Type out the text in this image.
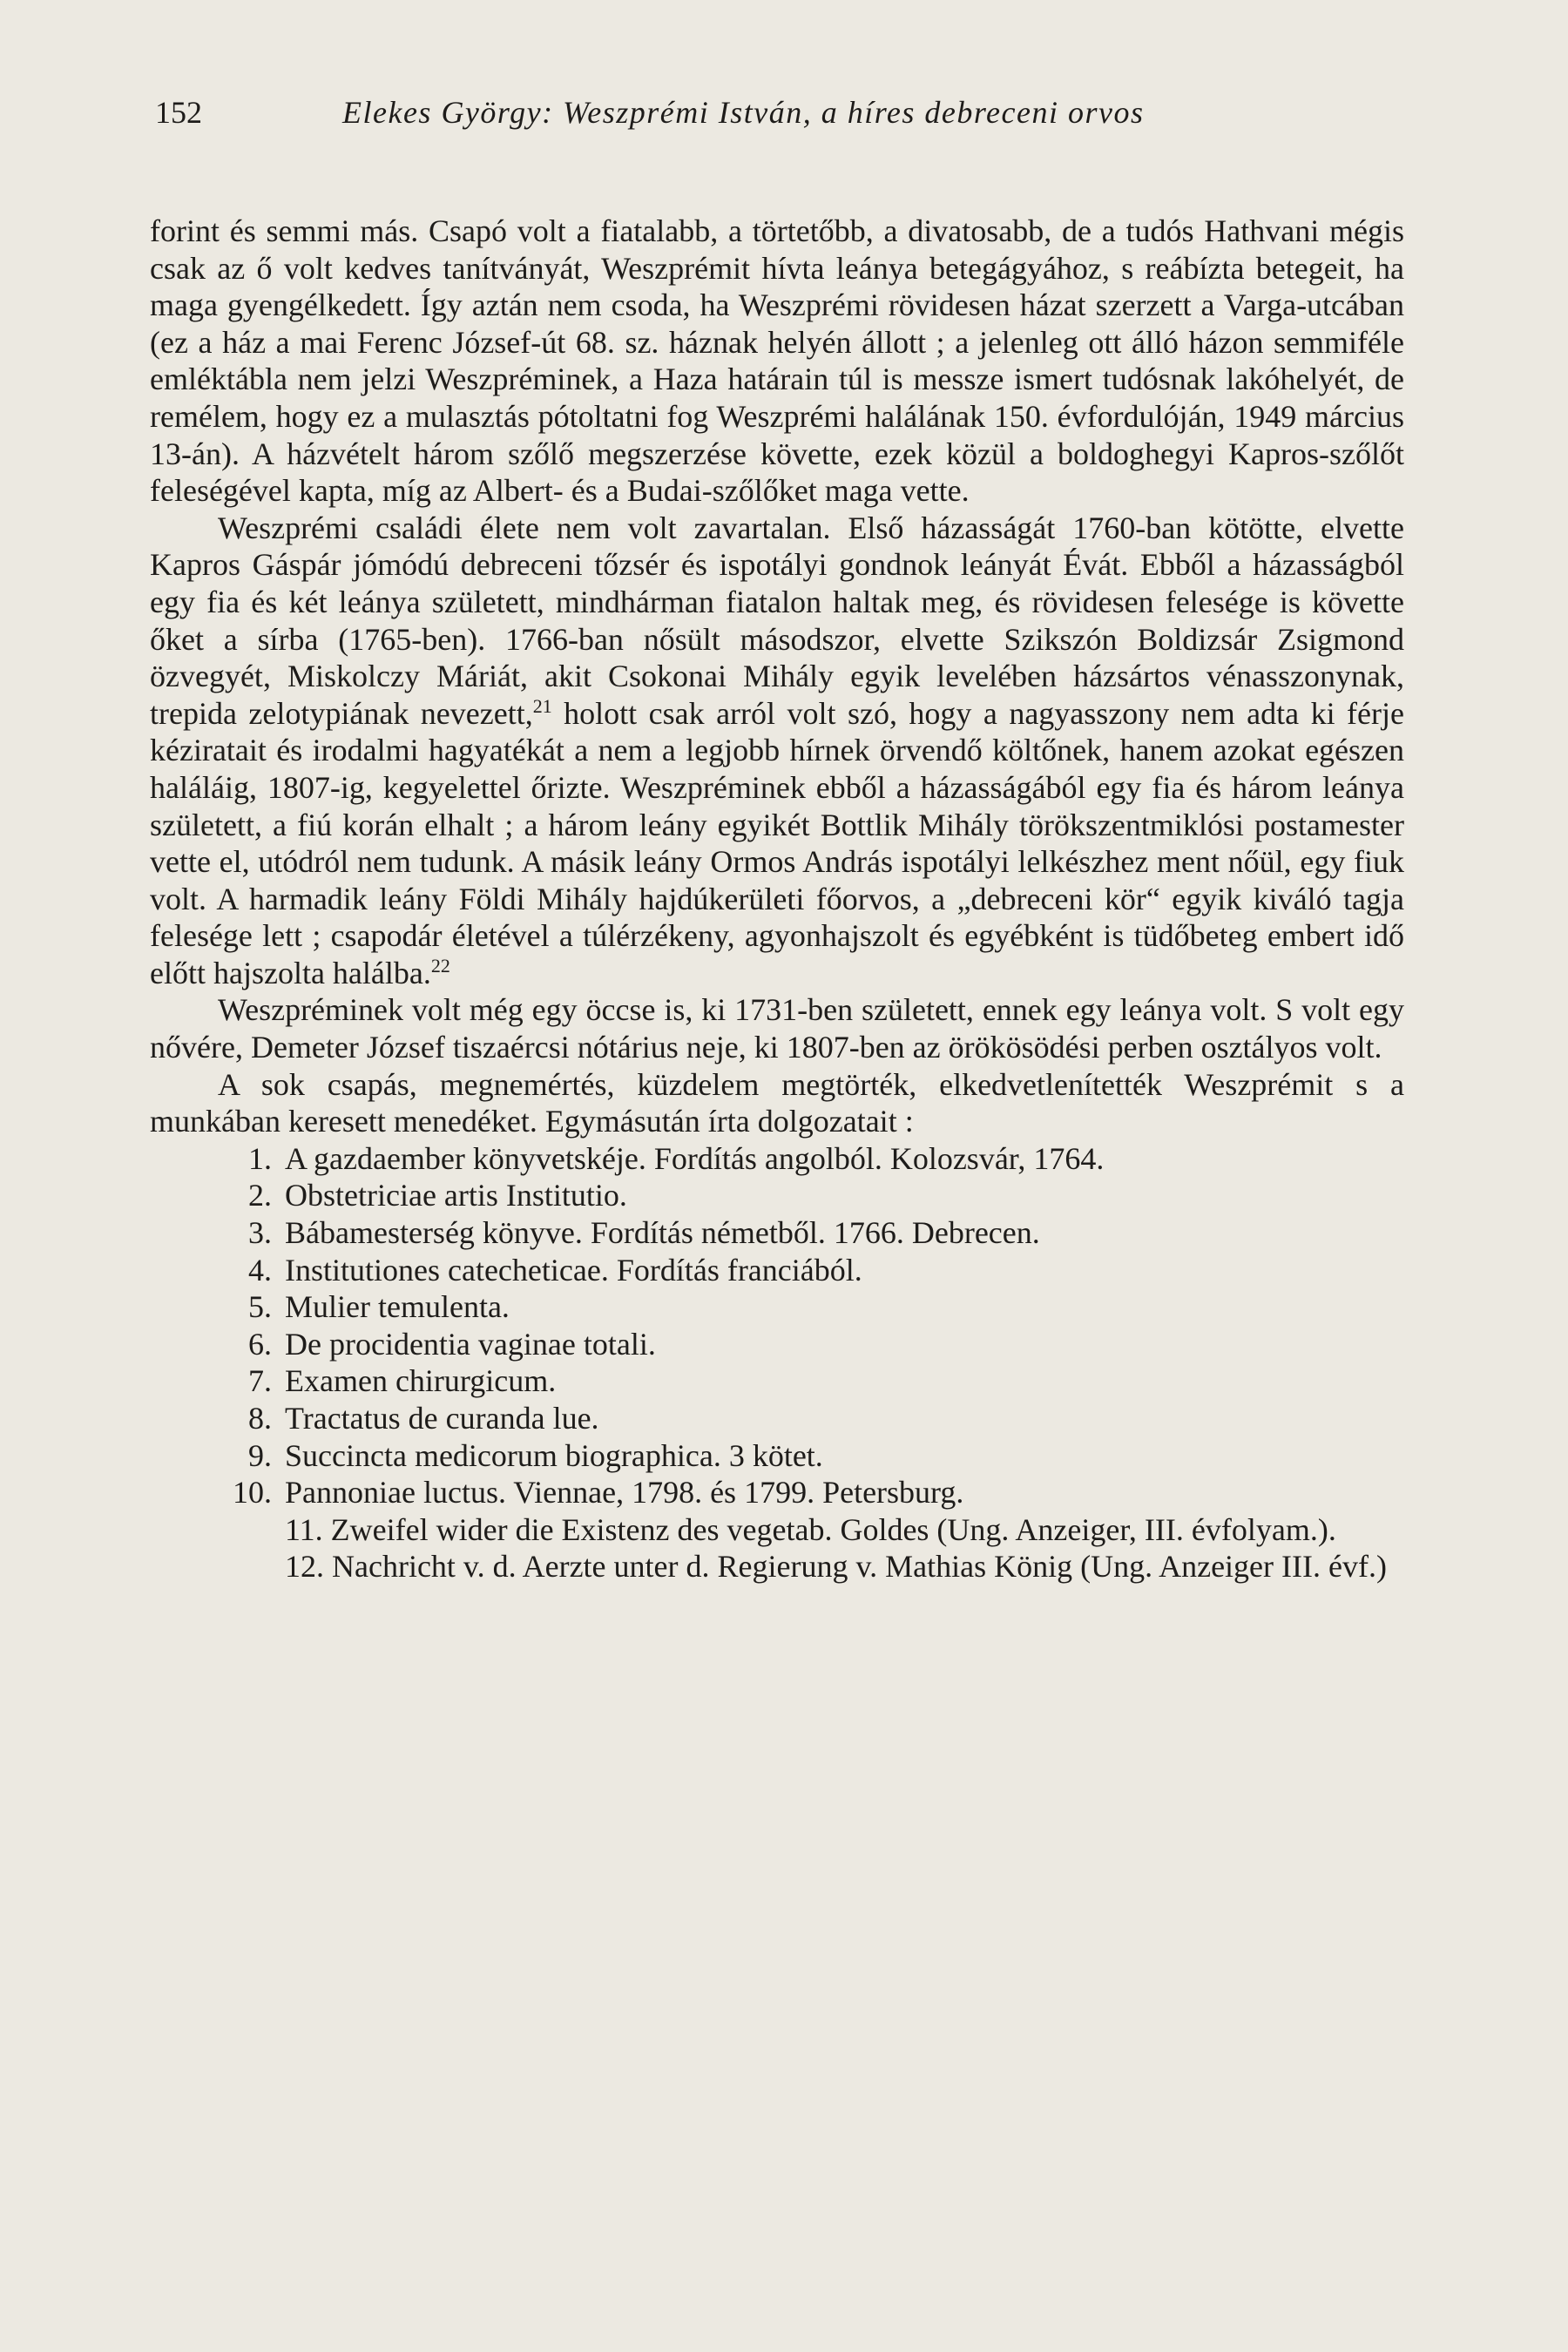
152	Elekes György: Weszprémi István, a híres debreceni orvos

forint és semmi más. Csapó volt a fiatalabb, a törtetőbb, a divatosabb, de a tudós Hathvani mégis csak az ő volt kedves tanítványát, Weszprémit hívta leánya betegágyához, s reábízta betegeit, ha maga gyengélkedett. Így aztán nem csoda, ha Weszprémi rövidesen házat szerzett a Varga-utcában (ez a ház a mai Ferenc József-út 68. sz. háznak helyén állott ; a jelenleg ott álló házon semmiféle emléktábla nem jelzi Weszpréminek, a Haza határain túl is messze ismert tudósnak lakóhelyét, de remélem, hogy ez a mulasztás pótoltatni fog Weszprémi halálának 150. évfordulóján, 1949 március 13-án). A házvételt három szőlő megszerzése követte, ezek közül a boldoghegyi Kapros-szőlőt feleségével kapta, míg az Albert- és a Budai-szőlőket maga vette.

Weszprémi családi élete nem volt zavartalan. Első házasságát 1760-ban kötötte, elvette Kapros Gáspár jómódú debreceni tőzsér és ispotályi gondnok leányát Évát. Ebből a házasságból egy fia és két leánya született, mindhárman fiatalon haltak meg, és rövidesen felesége is követte őket a sírba (1765-ben). 1766-ban nősült másodszor, elvette Szikszón Boldizsár Zsigmond özvegyét, Miskolczy Máriát, akit Csokonai Mihály egyik levelében házsártos vénasszonynak, trepida zelotypiának nevezett,$^{21}$ holott csak arról volt szó, hogy a nagyasszony nem adta ki férje kéziratait és irodalmi hagyatékát a nem a legjobb hírnek örvendő költőnek, hanem azokat egészen haláláig, 1807-ig, kegyelettel őrizte. Weszpréminek ebből a házasságából egy fia és három leánya született, a fiú korán elhalt ; a három leány egyikét Bottlik Mihály törökszentmiklósi postamester vette el, utódról nem tudunk. A másik leány Ormos András ispotályi lelkészhez ment nőül, egy fiuk volt. A harmadik leány Földi Mihály hajdúkerületi főorvos, a „debreceni kör“ egyik kiváló tagja felesége lett ; csapodár életével a túlérzékeny, agyonhajszolt és egyébként is tüdőbeteg embert idő előtt hajszolta halálba.$^{22}$

Weszpréminek volt még egy öccse is, ki 1731-ben született, ennek egy leánya volt. S volt egy nővére, Demeter József tiszaércsi nótárius neje, ki 1807-ben az örökösödési perben osztályos volt.

A sok csapás, megnemértés, küzdelem megtörték, elkedvetlenítették Weszprémit s a munkában keresett menedéket. Egymásután írta dolgozatait :

1. A gazdaember könyvetskéje. Fordítás angolból. Kolozsvár, 1764.
2. Obstetriciae artis Institutio.
3. Bábamesterség könyve. Fordítás németből. 1766. Debrecen.
4. Institutiones catecheticae. Fordítás franciából.
5. Mulier temulenta.
6. De procidentia vaginae totali.
7. Examen chirurgicum.
8. Tractatus de curanda lue.
9. Succincta medicorum biographica. 3 kötet.
10. Pannoniae luctus. Viennae, 1798. és 1799. Petersburg.
11. Zweifel wider die Existenz des vegetab. Goldes (Ung. Anzeiger, III. évfolyam.).
12. Nachricht v. d. Aerzte unter d. Regierung v. Mathias König (Ung. Anzeiger III. évf.)
